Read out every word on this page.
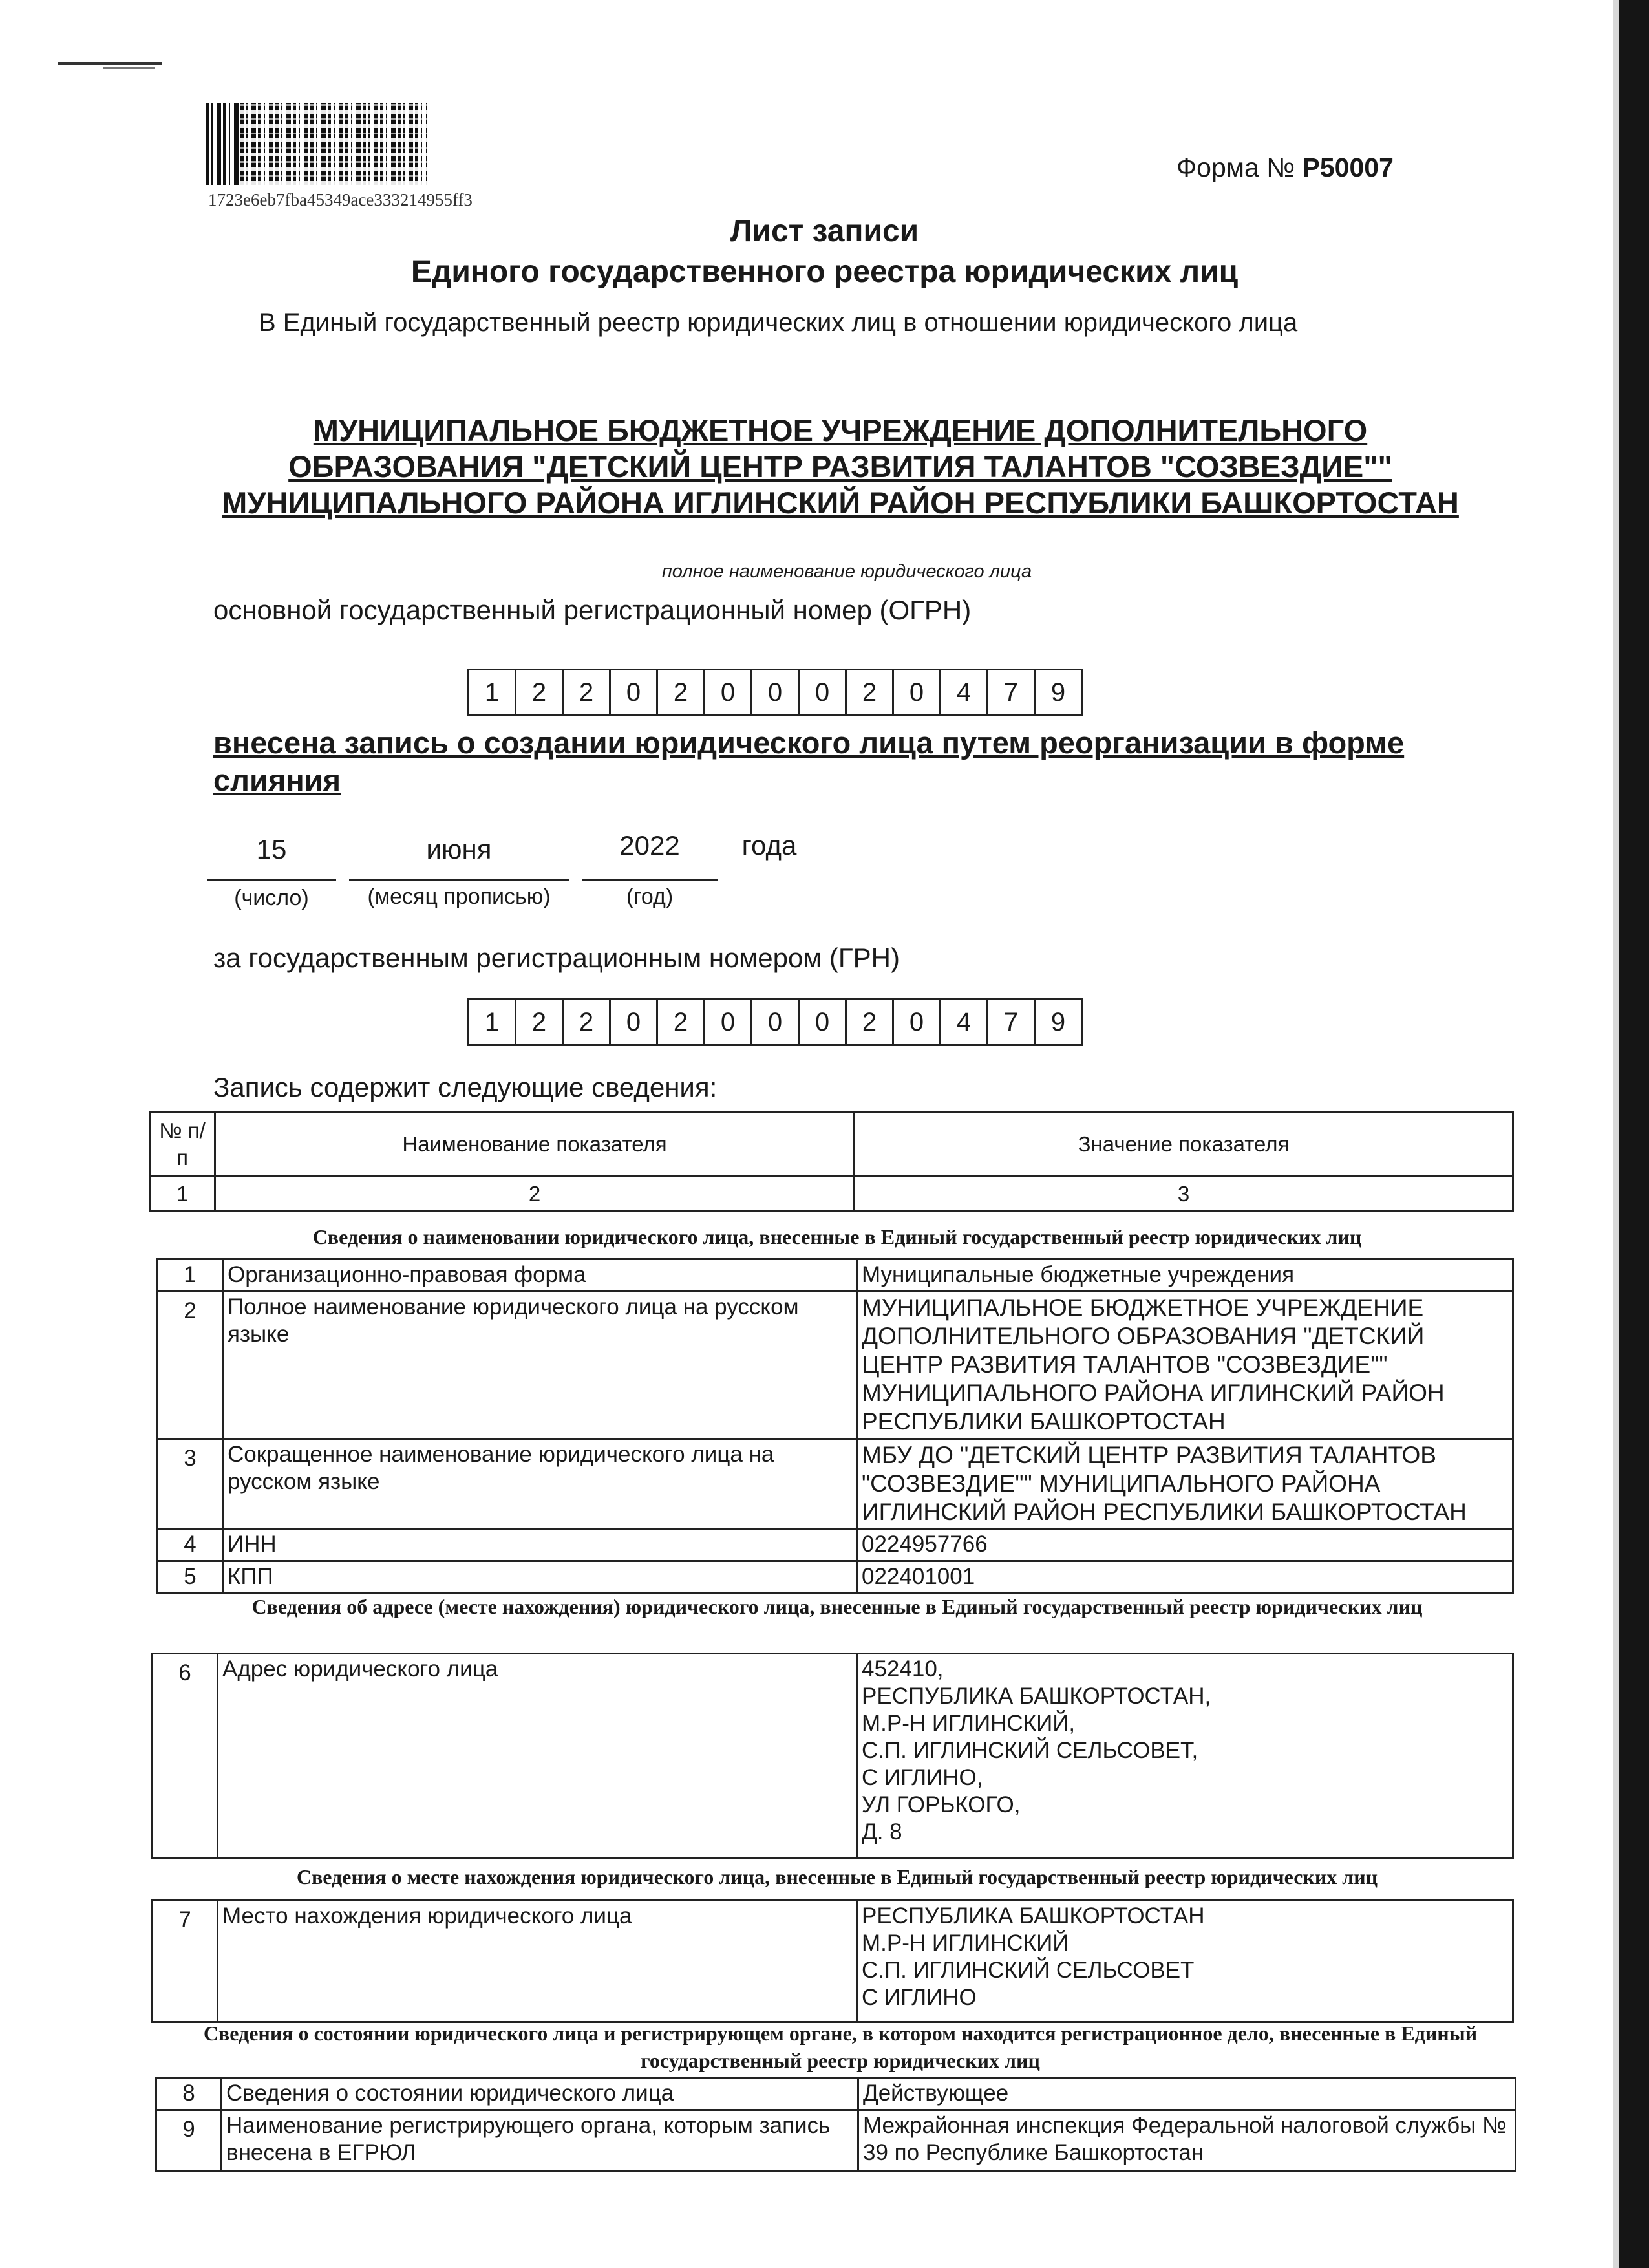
1723e6eb7fba45349ace333214955ff3
Форма № Р50007
Лист записи
Единого государственного реестра юридических лиц
В Единый государственный реестр юридических лиц в отношении юридического лица
МУНИЦИПАЛЬНОЕ БЮДЖЕТНОЕ УЧРЕЖДЕНИЕ ДОПОЛНИТЕЛЬНОГО ОБРАЗОВАНИЯ "ДЕТСКИЙ ЦЕНТР РАЗВИТИЯ ТАЛАНТОВ "СОЗВЕЗДИЕ"" МУНИЦИПАЛЬНОГО РАЙОНА ИГЛИНСКИЙ РАЙОН РЕСПУБЛИКИ БАШКОРТОСТАН
полное наименование юридического лица
основной государственный регистрационный номер (ОГРН)
1	2	2	0	2	0	0	0	2	0	4	7	9
внесена запись о создании юридического лица путем реорганизации в форме слияния
15	июня	2022	года
(число)	(месяц прописью)	(год)
за государственным регистрационным номером (ГРН)
1	2	2	0	2	0	0	0	2	0	4	7	9
Запись содержит следующие сведения:
№ п/п	Наименование показателя	Значение показателя
1	2	3
Сведения о наименовании юридического лица, внесенные в Единый государственный реестр юридических лиц
1	Организационно-правовая форма	Муниципальные бюджетные учреждения
2	Полное наименование юридического лица на русском языке	МУНИЦИПАЛЬНОЕ БЮДЖЕТНОЕ УЧРЕЖДЕНИЕ ДОПОЛНИТЕЛЬНОГО ОБРАЗОВАНИЯ "ДЕТСКИЙ ЦЕНТР РАЗВИТИЯ ТАЛАНТОВ "СОЗВЕЗДИЕ"" МУНИЦИПАЛЬНОГО РАЙОНА ИГЛИНСКИЙ РАЙОН РЕСПУБЛИКИ БАШКОРТОСТАН
3	Сокращенное наименование юридического лица на русском языке	МБУ ДО "ДЕТСКИЙ ЦЕНТР РАЗВИТИЯ ТАЛАНТОВ "СОЗВЕЗДИЕ"" МУНИЦИПАЛЬНОГО РАЙОНА ИГЛИНСКИЙ РАЙОН РЕСПУБЛИКИ БАШКОРТОСТАН
4	ИНН	0224957766
5	КПП	022401001
Сведения об адресе (месте нахождения) юридического лица, внесенные в Единый государственный реестр юридических лиц
6	Адрес юридического лица	452410,
РЕСПУБЛИКА БАШКОРТОСТАН,
М.Р-Н ИГЛИНСКИЙ,
С.П. ИГЛИНСКИЙ СЕЛЬСОВЕТ,
С ИГЛИНО,
УЛ ГОРЬКОГО,
Д. 8
Сведения о месте нахождения юридического лица, внесенные в Единый государственный реестр юридических лиц
7	Место нахождения юридического лица	РЕСПУБЛИКА БАШКОРТОСТАН
М.Р-Н ИГЛИНСКИЙ
С.П. ИГЛИНСКИЙ СЕЛЬСОВЕТ
С ИГЛИНО
Сведения о состоянии юридического лица и регистрирующем органе, в котором находится регистрационное дело, внесенные в Единый государственный реестр юридических лиц
8	Сведения о состоянии юридического лица	Действующее
9	Наименование регистрирующего органа, которым запись внесена в ЕГРЮЛ	Межрайонная инспекция Федеральной налоговой службы № 39 по Республике Башкортостан
